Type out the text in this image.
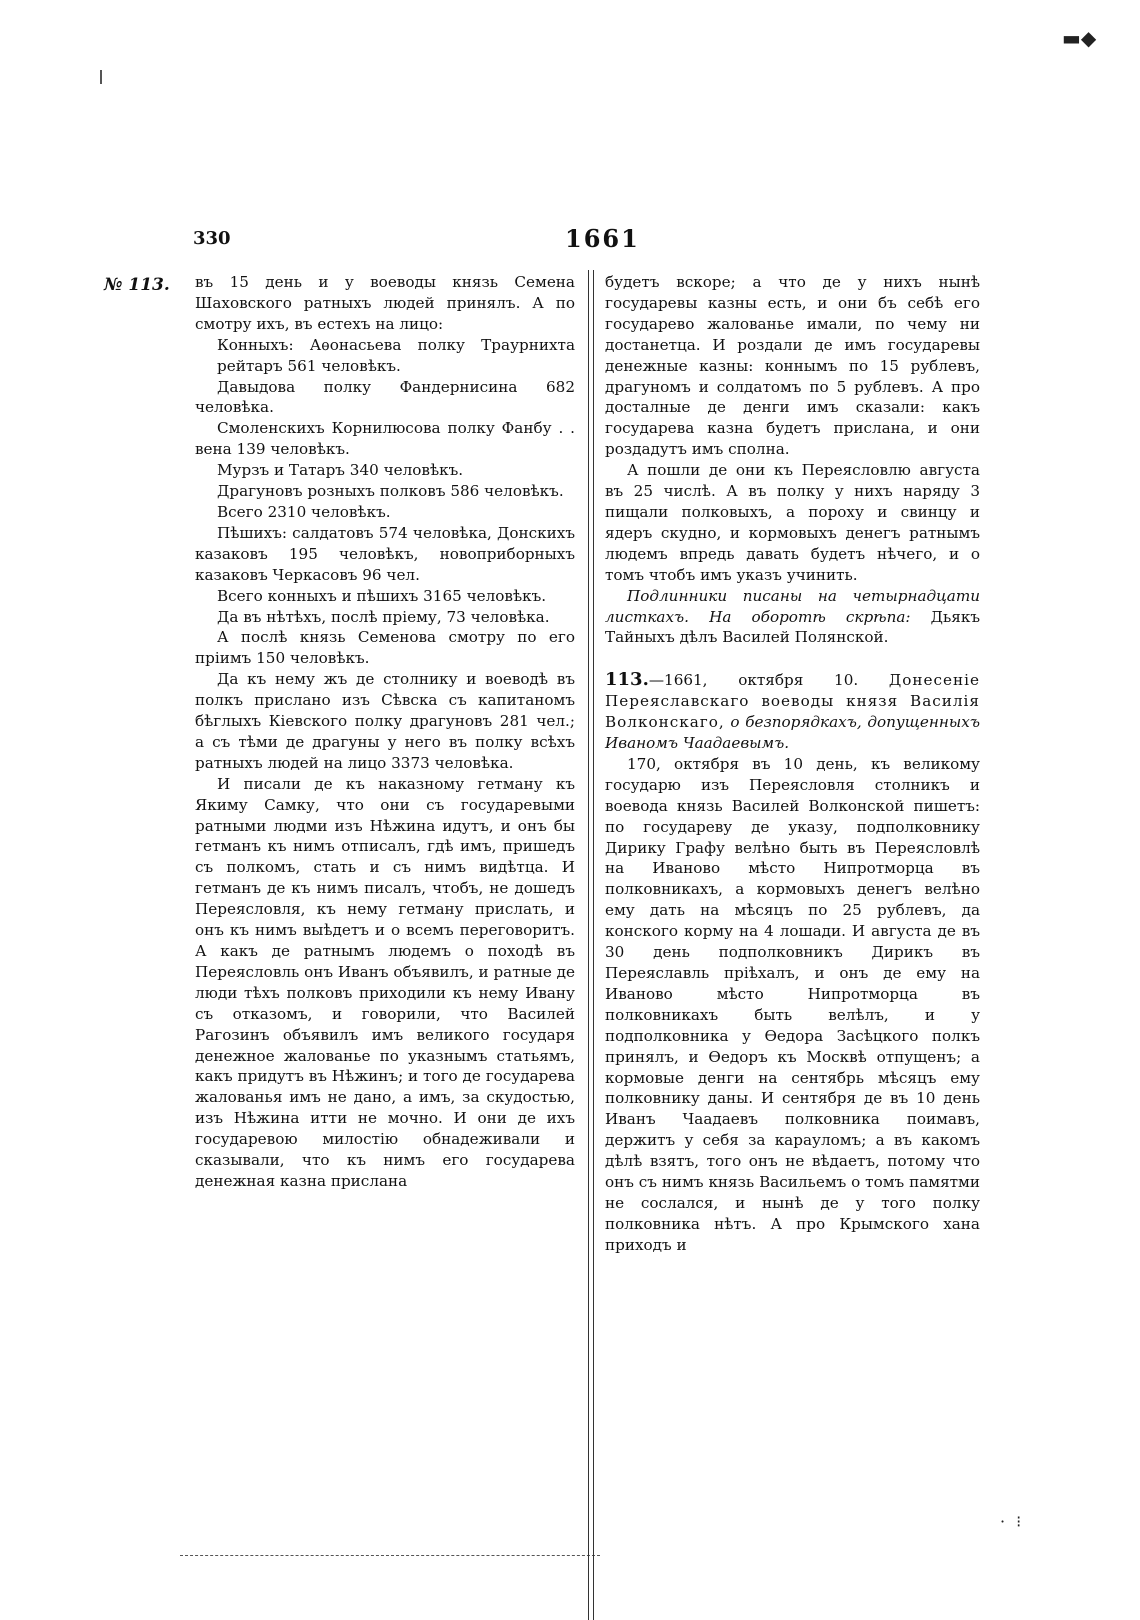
▬◆
· ⁝
330	1661
№ 113. въ 15 день и у воеводы князь Семена Шаховского ратныхъ людей принялъ. А по смотру ихъ, въ естехъ на лицо:

Конныхъ: Аѳонасьева полку Траурнихта рейтаръ 561 человѣкъ.

Давыдова полку Фандернисина 682 человѣка.

Смоленскихъ Корнилюсова полку Фанбу . . вена 139 человѣкъ.

Мурзъ и Татаръ 340 человѣкъ.

Драгуновъ розныхъ полковъ 586 человѣкъ.

Всего 2310 человѣкъ.

Пѣшихъ: салдатовъ 574 человѣка, Донскихъ казаковъ 195 человѣкъ, новоприборныхъ казаковъ Черкасовъ 96 чел.

Всего конныхъ и пѣшихъ 3165 человѣкъ.

Да въ нѣтѣхъ, послѣ пріему, 73 человѣка.

А послѣ князь Семенова смотру по его пріимъ 150 человѣкъ.

Да къ нему жъ де столнику и воеводѣ въ полкъ прислано изъ Сѣвска съ капитаномъ бѣглыхъ Кіевского полку драгуновъ 281 чел.; а съ тѣми де драгуны у него въ полку всѣхъ ратныхъ людей на лицо 3373 человѣка.

И писали де къ наказному гетману къ Якиму Самку, что они съ государевыми ратными людми изъ Нѣжина идутъ, и онъ бы гетманъ къ нимъ отписалъ, гдѣ имъ, пришедъ съ полкомъ, стать и съ нимъ видѣтца. И гетманъ де къ нимъ писалъ, чтобъ, не дошедъ Переясловля, къ нему гетману прислать, и онъ къ нимъ выѣдетъ и о всемъ переговоритъ. А какъ де ратнымъ людемъ о походѣ въ Переясловль онъ Иванъ объявилъ, и ратные де люди тѣхъ полковъ приходили къ нему Ивану съ отказомъ, и говорили, что Василей Рагозинъ объявилъ имъ великого государя денежное жалованье по указнымъ статьямъ, какъ придутъ въ Нѣжинъ; и того де государева жалованья имъ не дано, а имъ, за скудостью, изъ Нѣжина итти не мочно. И они де ихъ государевою милостію обнадеживали и сказывали, что къ нимъ его государева денежная казна прислана

будетъ вскоре; а что де у нихъ нынѣ государевы казны есть, и они бъ себѣ его государево жалованье имали, по чему ни достанетца. И роздали де имъ государевы денежные казны: коннымъ по 15 рублевъ, драгуномъ и солдатомъ по 5 рублевъ. А про досталные де денги имъ сказали: какъ государева казна будетъ прислана, и они роздадутъ имъ сполна.

А пошли де они къ Переясловлю августа въ 25 числѣ. А въ полку у нихъ наряду 3 пищали полковыхъ, а пороху и свинцу и ядеръ скудно, и кормовыхъ денегъ ратнымъ людемъ впредь давать будетъ нѣчего, и о томъ чтобъ имъ указъ учинить.

Подлинники писаны на четырнадцати листкахъ. На оборотѣ скрѣпа: Дьякъ Тайныхъ дѣлъ Василей Полянской.

113.—1661, октября 10. Донесеніе Переяславскаго воеводы князя Василія Волконскаго, о безпорядкахъ, допущенныхъ Иваномъ Чаадаевымъ.

170, октября въ 10 день, къ великому государю изъ Переясловля столникъ и воевода князь Василей Волконской пишетъ: по государеву де указу, подполковнику Дирику Графу велѣно быть въ Переясловлѣ на Иваново мѣсто Нипротморца въ полковникахъ, а кормовыхъ денегъ велѣно ему дать на мѣсяцъ по 25 рублевъ, да конского корму на 4 лошади. И августа де въ 30 день подполковникъ Дирикъ въ Переяславль пріѣхалъ, и онъ де ему на Иваново мѣсто Нипротморца въ полковникахъ быть велѣлъ, и у подполковника у Ѳедора Засѣцкого полкъ принялъ, и Ѳедоръ къ Москвѣ отпущенъ; а кормовые денги на сентябрь мѣсяцъ ему полковнику даны. И сентября де въ 10 день Иванъ Чаадаевъ полковника поимавъ, держитъ у себя за карауломъ; а въ какомъ дѣлѣ взятъ, того онъ не вѣдаетъ, потому что онъ съ нимъ князь Васильемъ о томъ памятми не сослался, и нынѣ де у того полку полковника нѣтъ. А про Крымского хана приходъ и
